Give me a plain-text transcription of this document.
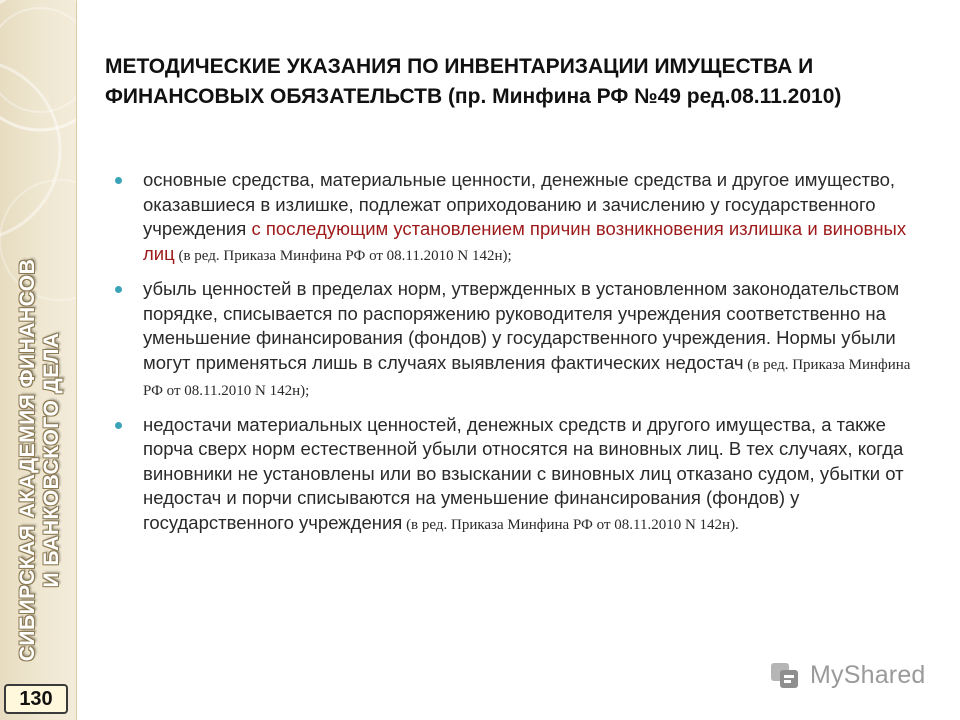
СИБИРСКАЯ АКАДЕМИЯ ФИНАНСОВ И БАНКОВСКОГО ДЕЛА
130
МЕТОДИЧЕСКИЕ УКАЗАНИЯ ПО ИНВЕНТАРИЗАЦИИ ИМУЩЕСТВА И ФИНАНСОВЫХ ОБЯЗАТЕЛЬСТВ (пр. Минфина РФ №49 ред.08.11.2010)
основные средства, материальные ценности, денежные средства и другое имущество, оказавшиеся в излишке, подлежат оприходованию и зачислению у государственного учреждения с последующим установлением причин возникновения излишка и виновных лиц (в ред. Приказа Минфина РФ от 08.11.2010 N 142н);
убыль ценностей в пределах норм, утвержденных в установленном законодательством порядке, списывается по распоряжению руководителя учреждения соответственно на уменьшение финансирования (фондов) у государственного учреждения. Нормы убыли могут применяться лишь в случаях выявления фактических недостач (в ред. Приказа Минфина РФ от 08.11.2010 N 142н);
недостачи материальных ценностей, денежных средств и другого имущества, а также порча сверх норм естественной убыли относятся на виновных лиц. В тех случаях, когда виновники не установлены или во взыскании с виновных лиц отказано судом, убытки от недостач и порчи списываются на уменьшение финансирования (фондов) у государственного учреждения (в ред. Приказа Минфина РФ от 08.11.2010 N 142н).
MyShared
